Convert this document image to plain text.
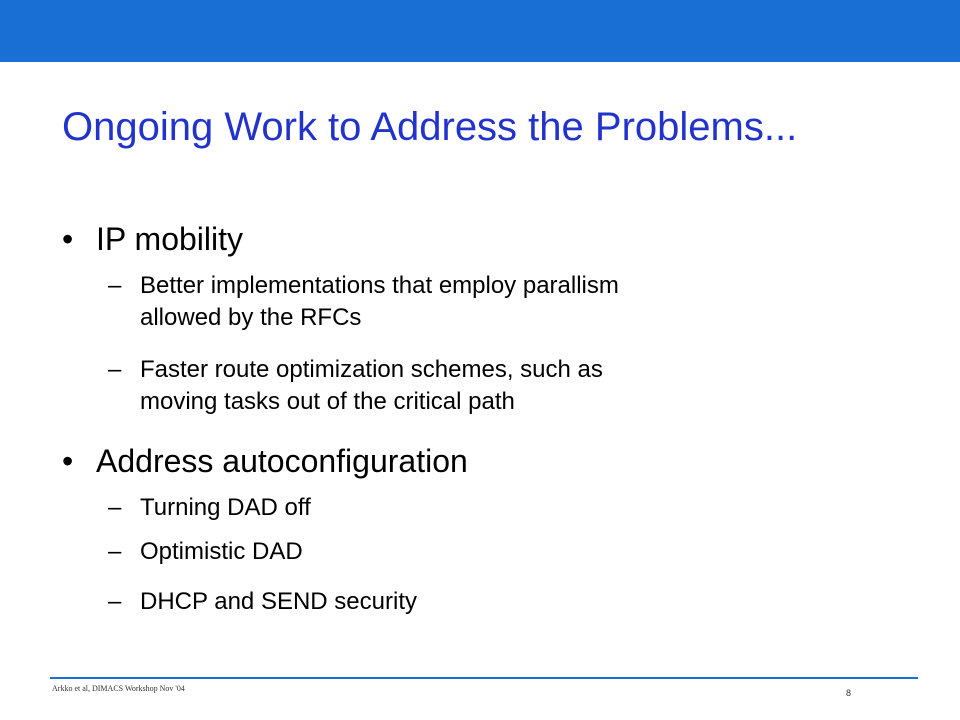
Ongoing Work to Address the Problems...
• IP mobility
– Better implementations that employ parallism
allowed by the RFCs
– Faster route optimization schemes, such as
moving tasks out of the critical path
• Address autoconfiguration
– Turning DAD off
– Optimistic DAD
– DHCP and SEND security
Arkko et al, DIMACS Workshop Nov '04	8
